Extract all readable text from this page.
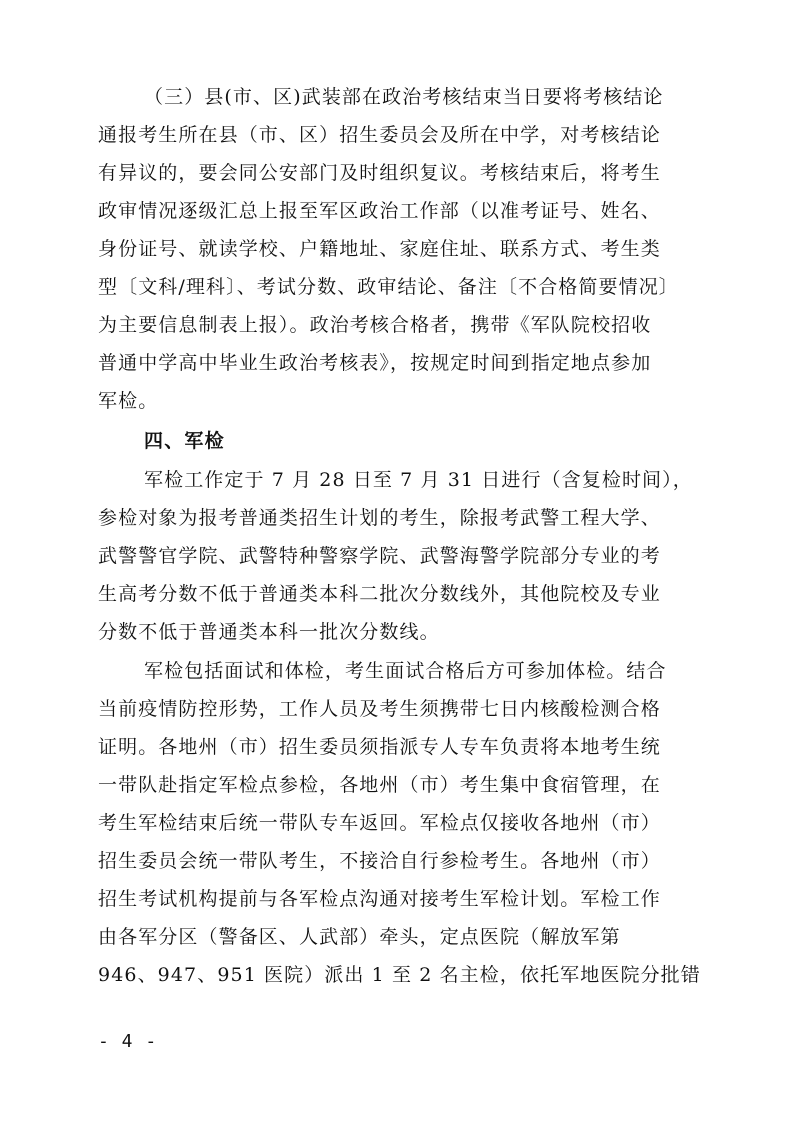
（三）县(市、区)武装部在政治考核结束当日要将考核结论
通报考生所在县（市、区）招生委员会及所在中学，对考核结论
有异议的，要会同公安部门及时组织复议。考核结束后，将考生
政审情况逐级汇总上报至军区政治工作部（以准考证号、姓名、
身份证号、就读学校、户籍地址、家庭住址、联系方式、考生类
型〔文科/理科〕、考试分数、政审结论、备注〔不合格简要情况〕
为主要信息制表上报）。政治考核合格者，携带《军队院校招收
普通中学高中毕业生政治考核表》，按规定时间到指定地点参加
军检。
四、军检
军检工作定于 7 月 28 日至 7 月 31 日进行（含复检时间），
参检对象为报考普通类招生计划的考生，除报考武警工程大学、
武警警官学院、武警特种警察学院、武警海警学院部分专业的考
生高考分数不低于普通类本科二批次分数线外，其他院校及专业
分数不低于普通类本科一批次分数线。
军检包括面试和体检，考生面试合格后方可参加体检。结合
当前疫情防控形势，工作人员及考生须携带七日内核酸检测合格
证明。各地州（市）招生委员须指派专人专车负责将本地考生统
一带队赴指定军检点参检，各地州（市）考生集中食宿管理，在
考生军检结束后统一带队专车返回。军检点仅接收各地州（市）
招生委员会统一带队考生，不接洽自行参检考生。各地州（市）
招生考试机构提前与各军检点沟通对接考生军检计划。军检工作
由各军分区（警备区、人武部）牵头，定点医院（解放军第
946、947、951 医院）派出 1 至 2 名主检，依托军地医院分批错
- 4 -
